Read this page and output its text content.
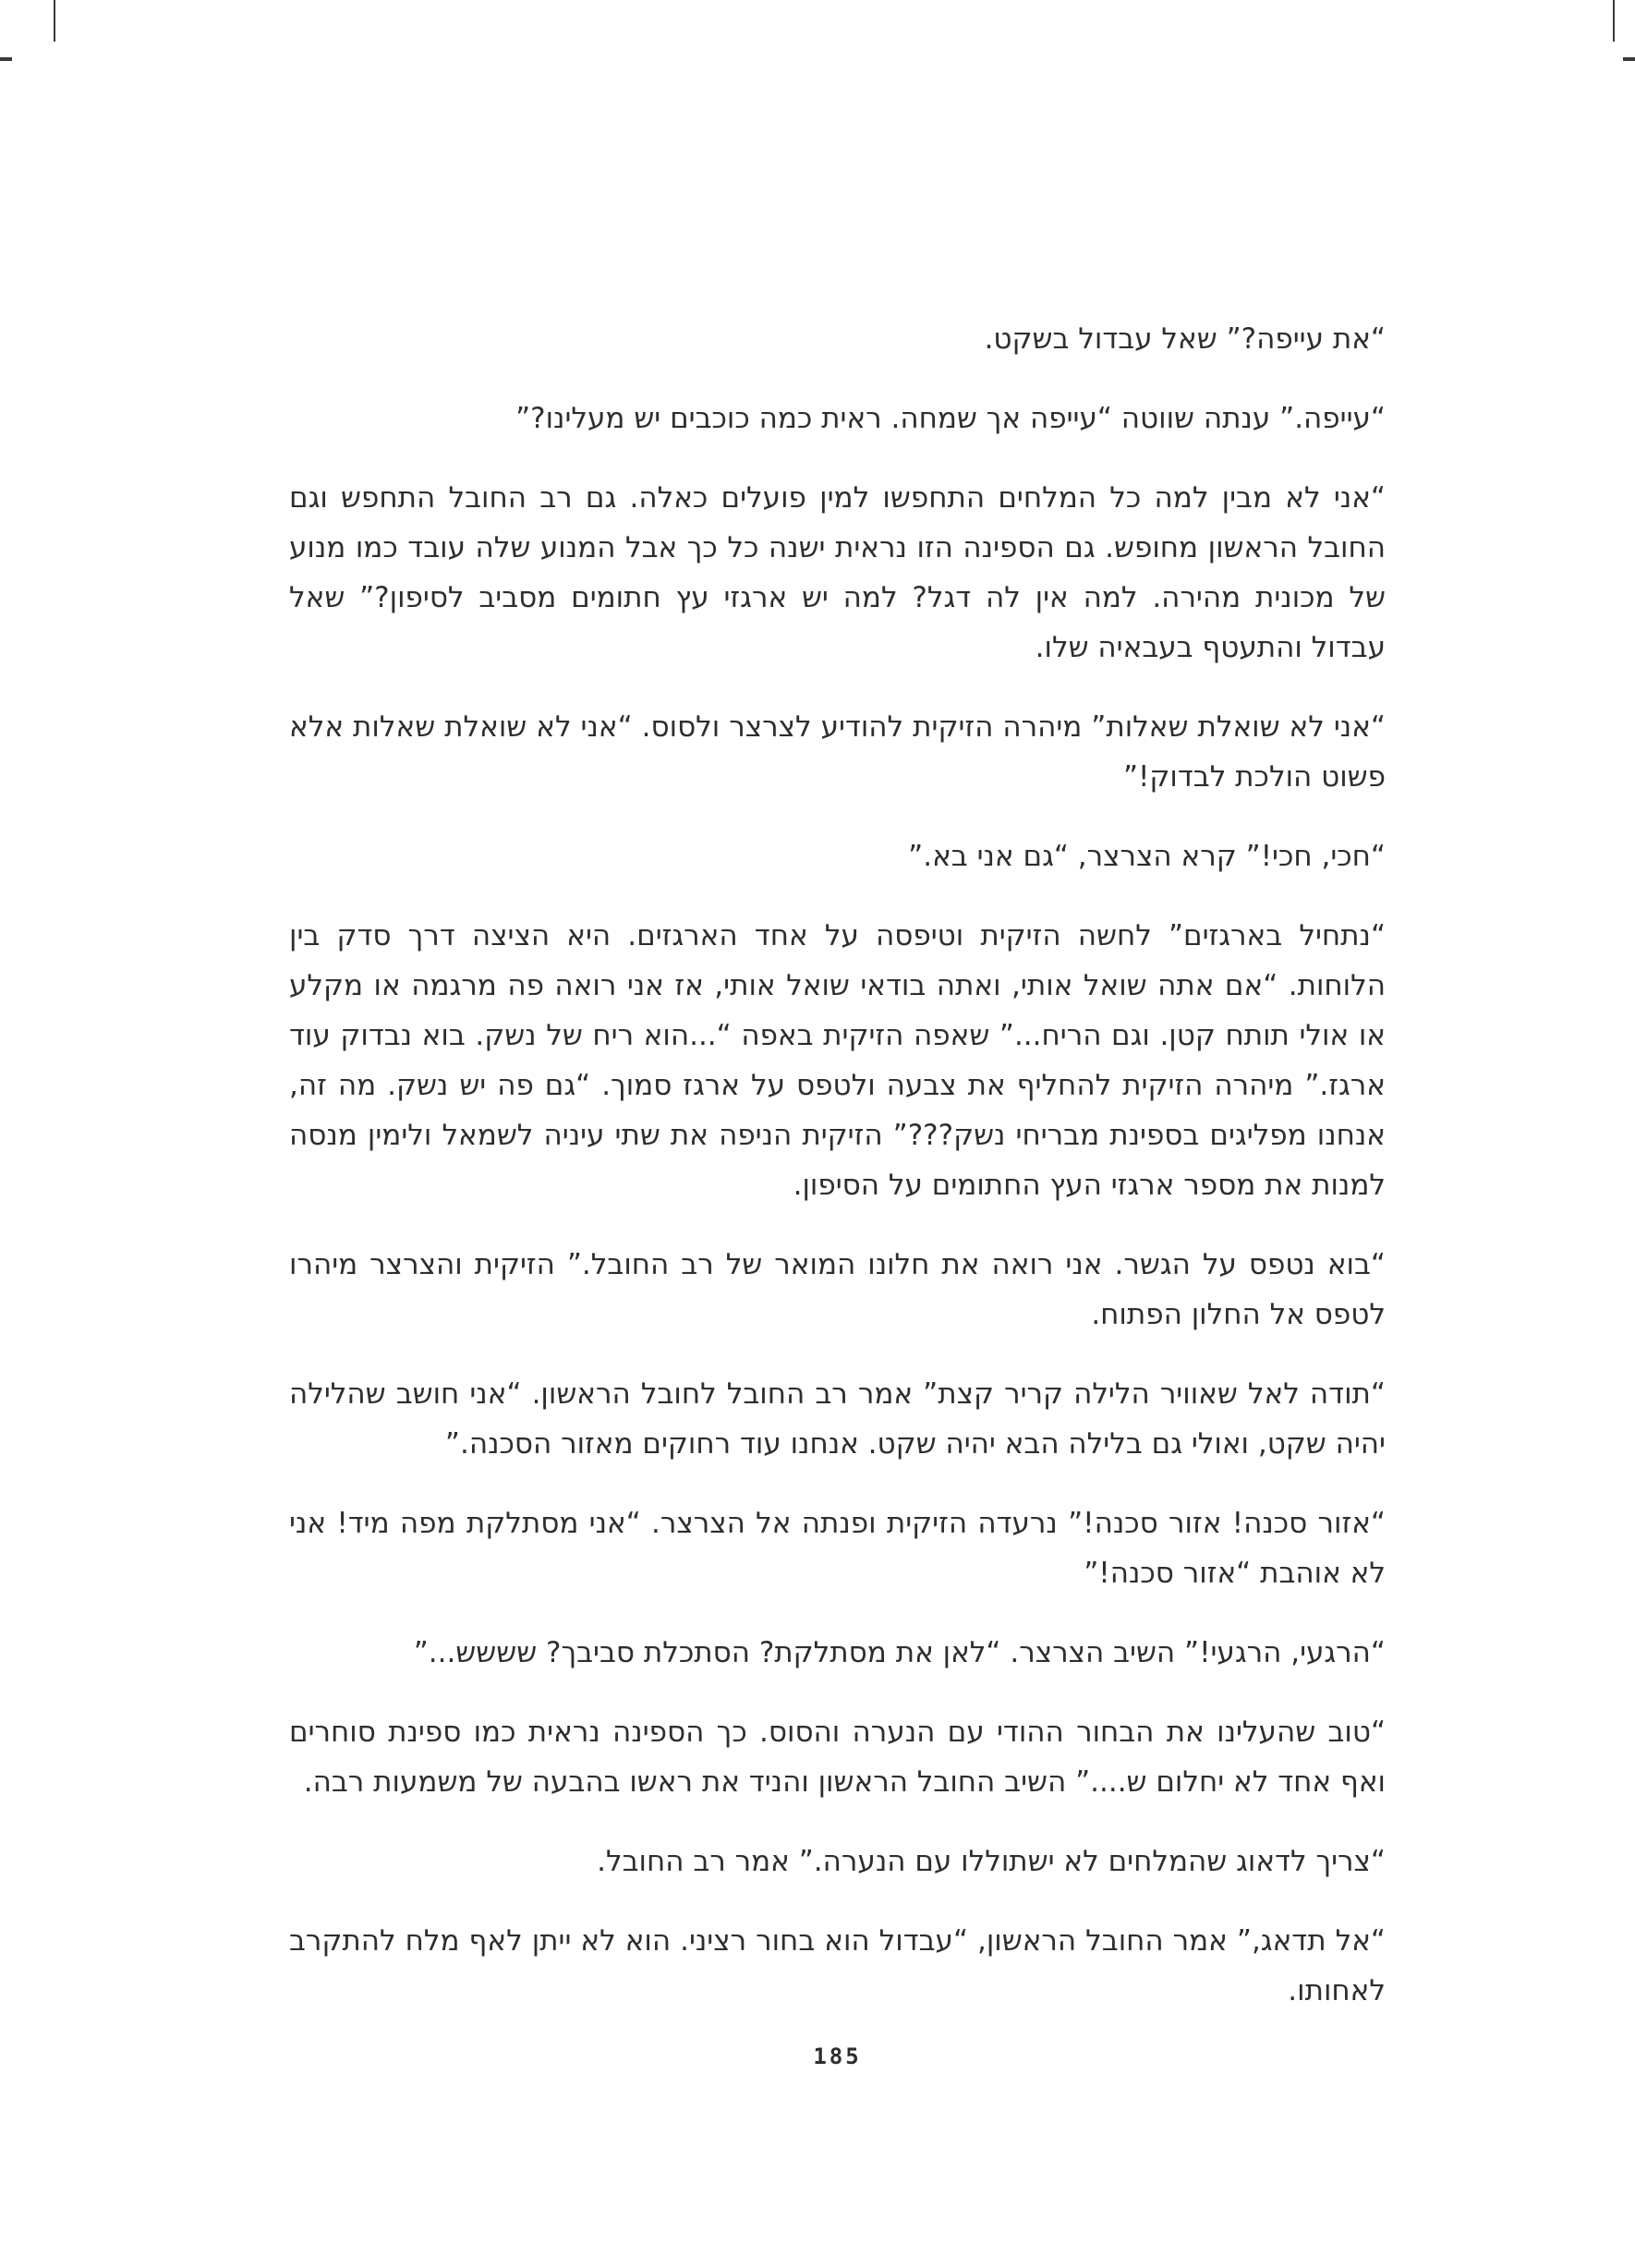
“את עייפה?” שאל עבדול בשקט.

“עייפה.” ענתה שווטה “עייפה אך שמחה. ראית כמה כוכבים יש מעלינו?”

“אני לא מבין למה כל המלחים התחפשו למין פועלים כאלה. גם רב החובל התחפש וגם החובל הראשון מחופש. גם הספינה הזו נראית ישנה כל כך אבל המנוע שלה עובד כמו מנוע של מכונית מהירה. למה אין לה דגל? למה יש ארגזי עץ חתומים מסביב לסיפון?” שאל עבדול והתעטף בעבאיה שלו.

“אני לא שואלת שאלות” מיהרה הזיקית להודיע לצרצר ולסוס. “אני לא שואלת שאלות אלא פשוט הולכת לבדוק!”

“חכי, חכי!” קרא הצרצר, “גם אני בא.”

“נתחיל בארגזים” לחשה הזיקית וטיפסה על אחד הארגזים. היא הציצה דרך סדק בין הלוחות. “אם אתה שואל אותי, ואתה בודאי שואל אותי, אז אני רואה פה מרגמה או מקלע או אולי תותח קטן. וגם הריח...” שאפה הזיקית באפה “...הוא ריח של נשק. בוא נבדוק עוד ארגז.” מיהרה הזיקית להחליף את צבעה ולטפס על ארגז סמוך. “גם פה יש נשק. מה זה, אנחנו מפליגים בספינת מבריחי נשק???” הזיקית הניפה את שתי עיניה לשמאל ולימין מנסה למנות את מספר ארגזי העץ החתומים על הסיפון.

“בוא נטפס על הגשר. אני רואה את חלונו המואר של רב החובל.” הזיקית והצרצר מיהרו לטפס אל החלון הפתוח.

“תודה לאל שאוויר הלילה קריר קצת” אמר רב החובל לחובל הראשון. “אני חושב שהלילה יהיה שקט, ואולי גם בלילה הבא יהיה שקט. אנחנו עוד רחוקים מאזור הסכנה.”

“אזור סכנה! אזור סכנה!” נרעדה הזיקית ופנתה אל הצרצר. “אני מסתלקת מפה מיד! אני לא אוהבת “אזור סכנה!”

“הרגעי, הרגעי!” השיב הצרצר. “לאן את מסתלקת? הסתכלת סביבך? שששש...”

“טוב שהעלינו את הבחור ההודי עם הנערה והסוס. כך הספינה נראית כמו ספינת סוחרים ואף אחד לא יחלום ש....” השיב החובל הראשון והניד את ראשו בהבעה של משמעות רבה.

“צריך לדאוג שהמלחים לא ישתוללו עם הנערה.” אמר רב החובל.

“אל תדאג,” אמר החובל הראשון, “עבדול הוא בחור רציני. הוא לא ייתן לאף מלח להתקרב לאחותו.

185
